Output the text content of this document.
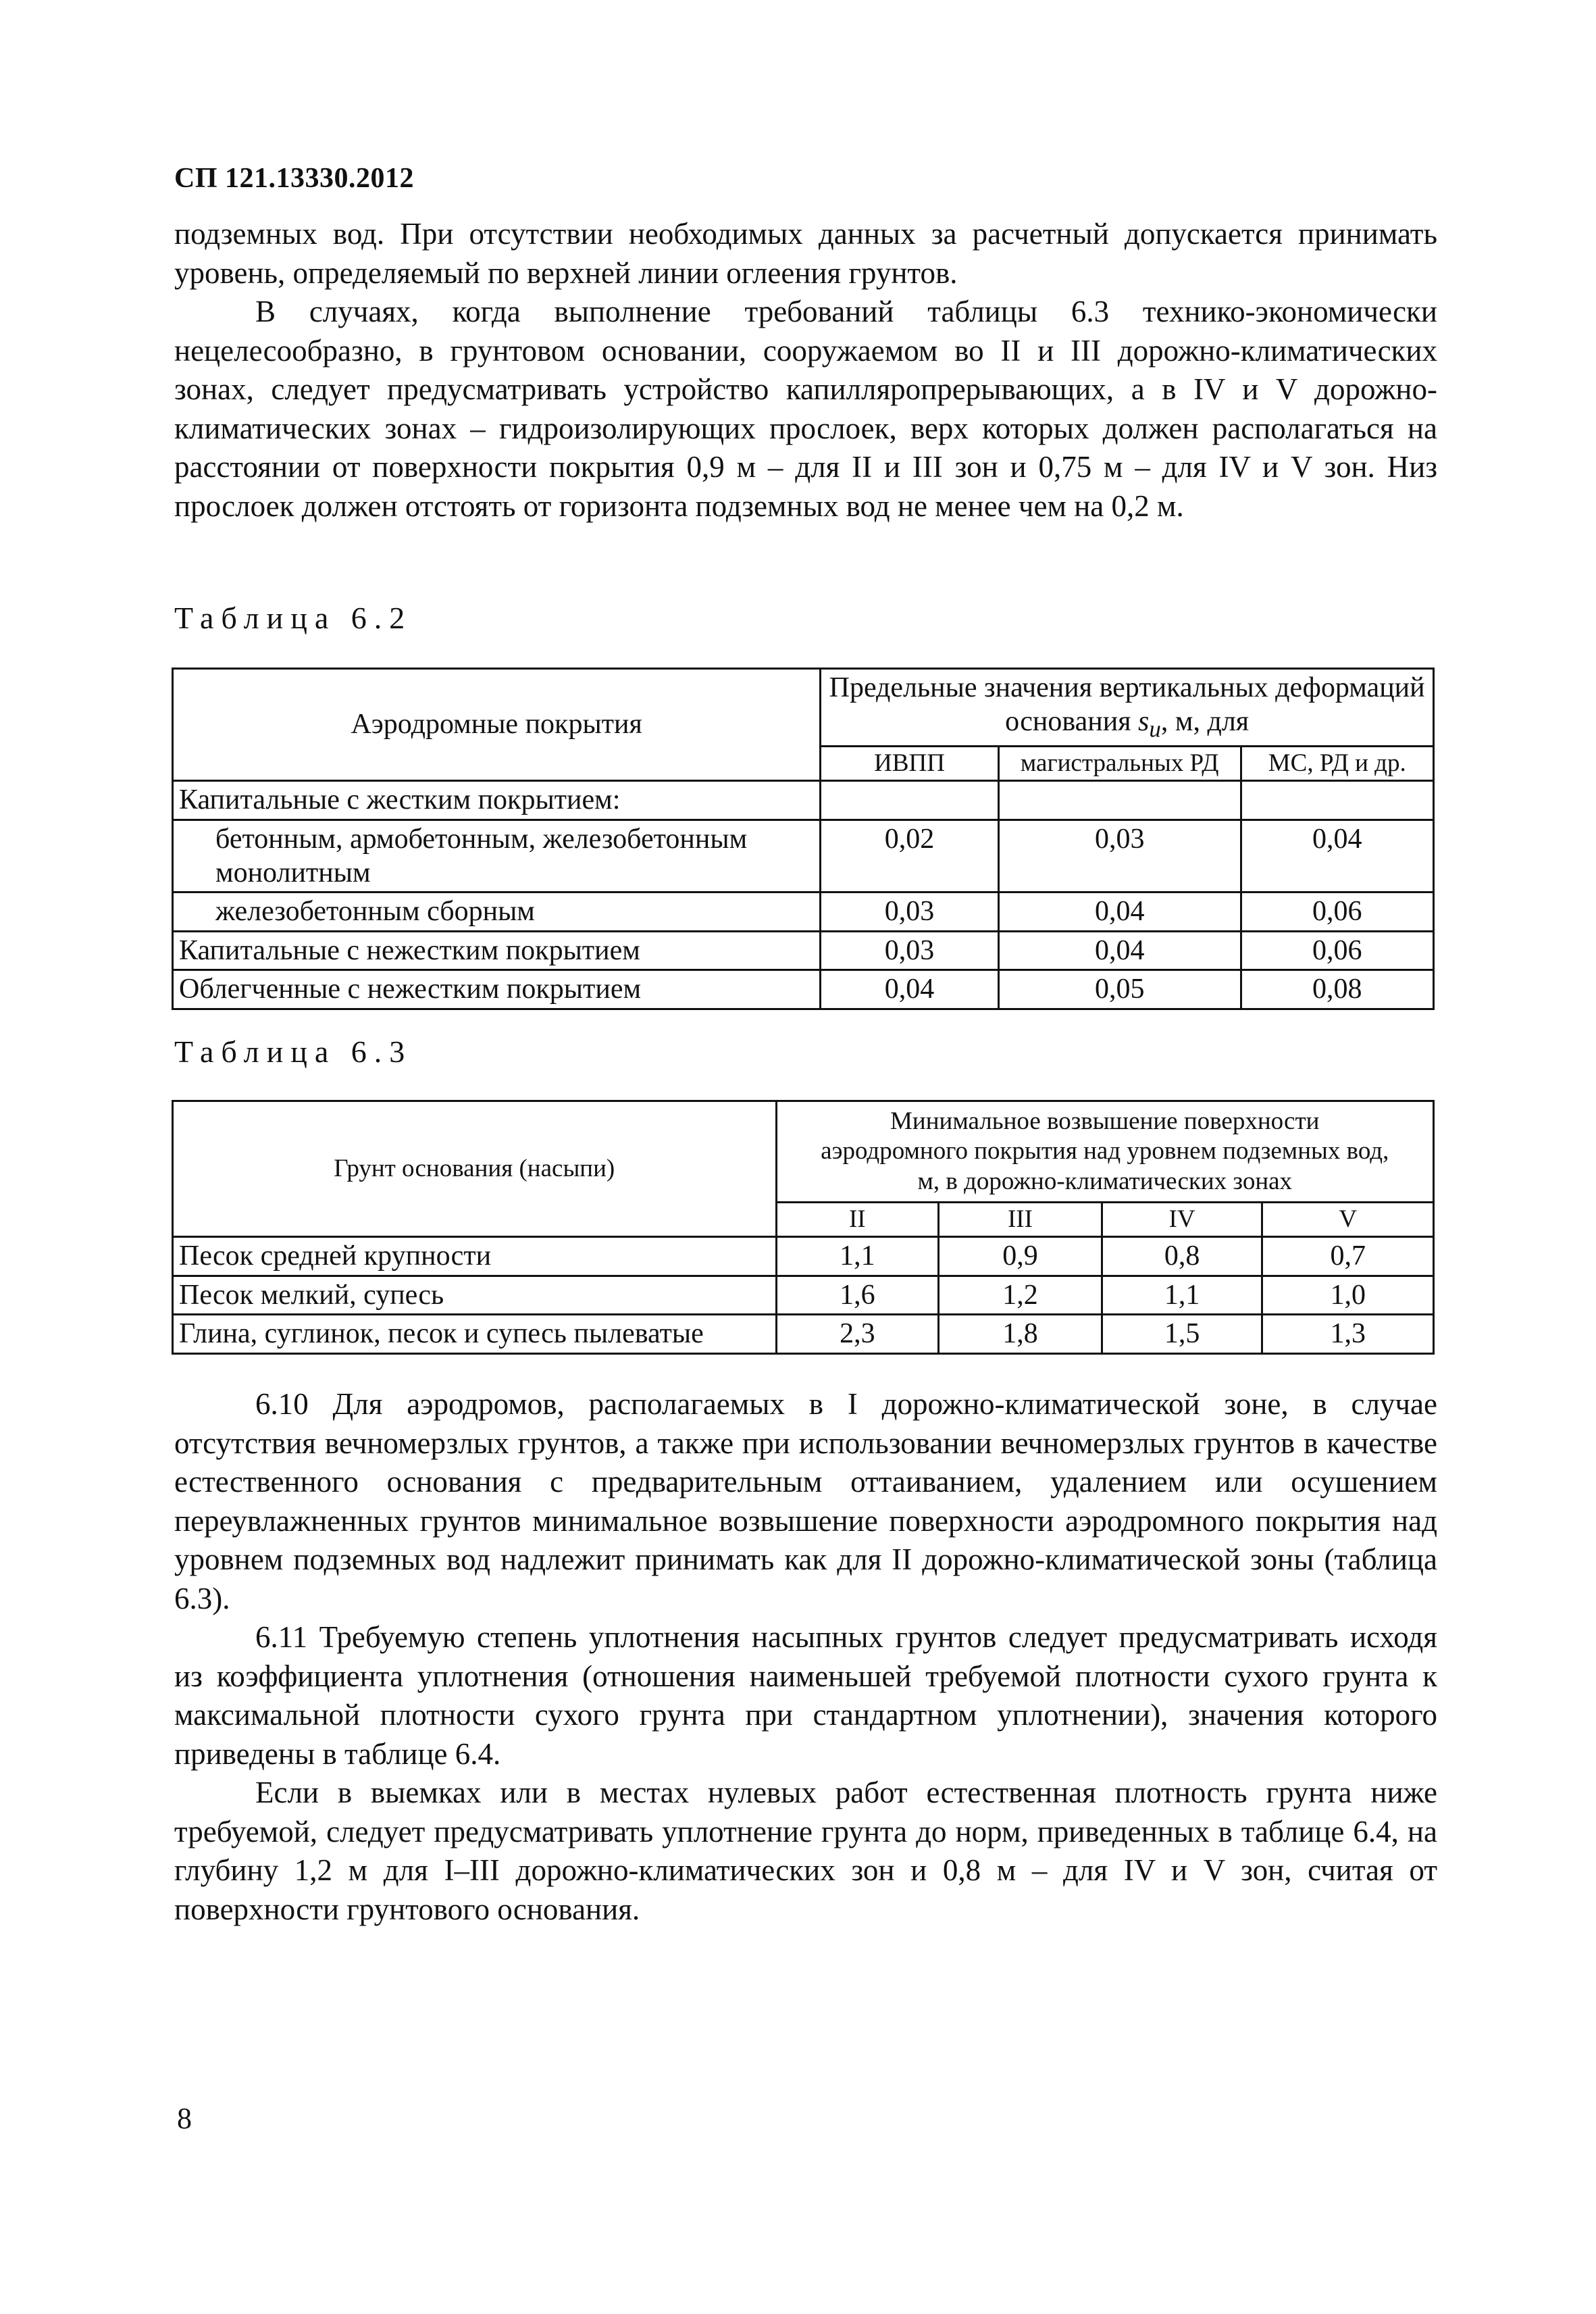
СП 121.13330.2012

подземных вод. При отсутствии необходимых данных за расчетный допускается принимать уровень, определяемый по верхней линии оглеения грунтов.

В случаях, когда выполнение требований таблицы 6.3 технико-экономически нецелесообразно, в грунтовом основании, сооружаемом во II и III дорожно-климатических зонах, следует предусматривать устройство капилляропрерывающих, а в IV и V дорожно-климатических зонах – гидроизолирующих прослоек, верх которых должен располагаться на расстоянии от поверхности покрытия 0,9 м – для II и III зон и 0,75 м – для IV и V зон. Низ прослоек должен отстоять от горизонта подземных вод не менее чем на 0,2 м.

Таблица 6.2
Аэродромные покрытия	Предельные значения вертикальных деформаций
основания $s_u$, м, для		
	ИВПП	магистральных РД	МС, РД и др.
Капитальные с жестким покрытием:			
бетонным, армобетонным, железобетонным
монолитным	0,02	0,03	0,04
железобетонным сборным	0,03	0,04	0,06
Капитальные с нежестким покрытием	0,03	0,04	0,06
Облегченные с нежестким покрытием	0,04	0,05	0,08
Таблица 6.3
Грунт основания (насыпи)	Минимальное возвышение поверхности
аэродромного покрытия над уровнем подземных вод,
м, в дорожно-климатических зонах			
	II	III	IV	V
Песок средней крупности	1,1	0,9	0,8	0,7
Песок мелкий, супесь	1,6	1,2	1,1	1,0
Глина, суглинок, песок и супесь пылеватые	2,3	1,8	1,5	1,3

6.10 Для аэродромов, располагаемых в I дорожно-климатической зоне, в случае отсутствия вечномерзлых грунтов, а также при использовании вечномерзлых грунтов в качестве естественного основания с предварительным оттаиванием, удалением или осушением переувлажненных грунтов минимальное возвышение поверхности аэродромного покрытия над уровнем подземных вод надлежит принимать как для II дорожно-климатической зоны (таблица 6.3).

6.11 Требуемую степень уплотнения насыпных грунтов следует предусматривать исходя из коэффициента уплотнения (отношения наименьшей требуемой плотности сухого грунта к максимальной плотности сухого грунта при стандартном уплотнении), значения которого приведены в таблице 6.4.

Если в выемках или в местах нулевых работ естественная плотность грунта ниже требуемой, следует предусматривать уплотнение грунта до норм, приведенных в таблице 6.4, на глубину 1,2 м для I–III дорожно-климатических зон и 0,8 м – для IV и V зон, считая от поверхности грунтового основания.

8
